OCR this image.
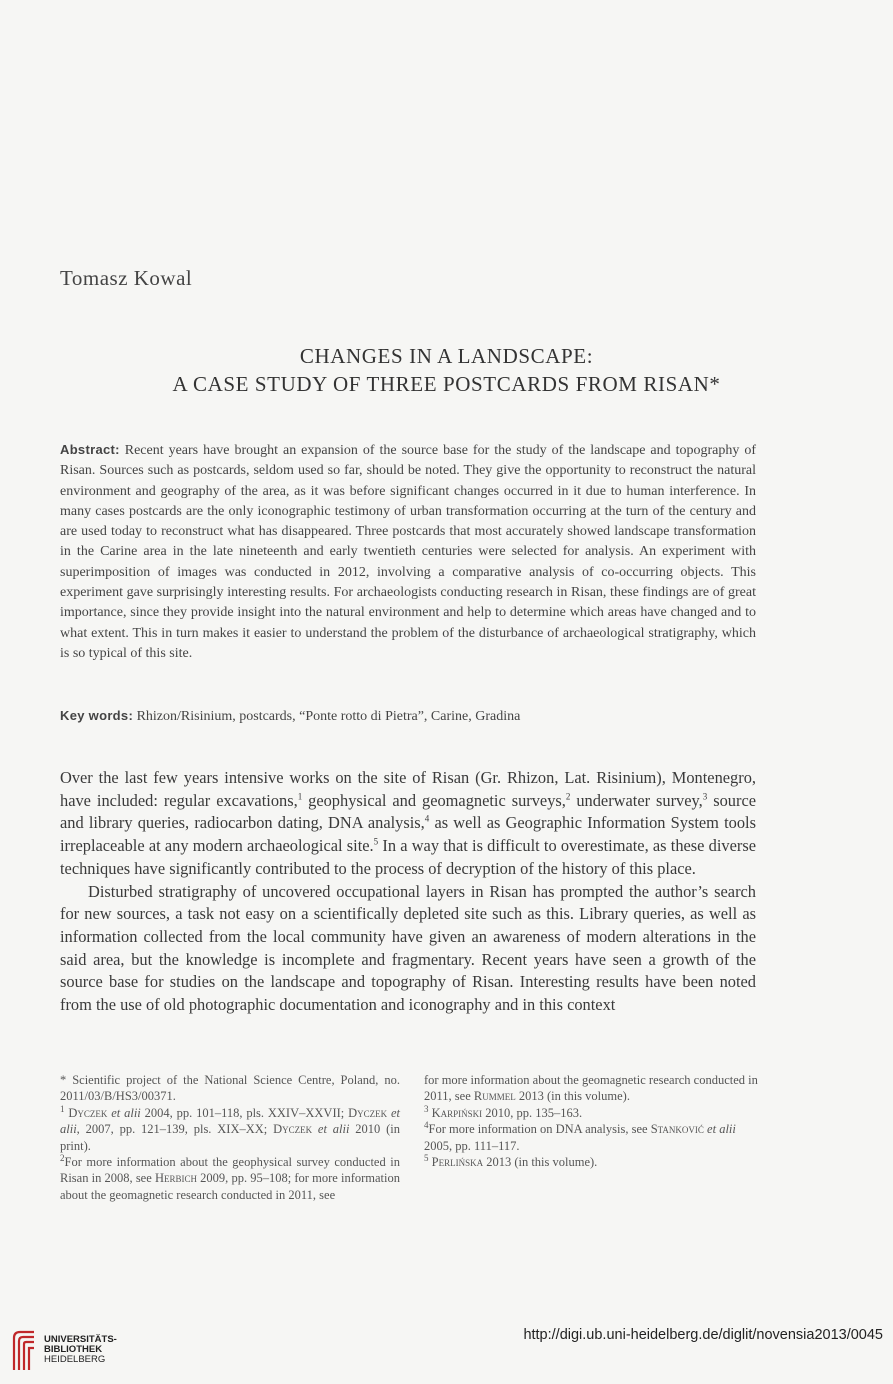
Tomasz Kowal
CHANGES IN A LANDSCAPE:
A CASE STUDY OF THREE POSTCARDS FROM RISAN*
Abstract: Recent years have brought an expansion of the source base for the study of the landscape and topography of Risan. Sources such as postcards, seldom used so far, should be noted. They give the opportunity to reconstruct the natural environment and geography of the area, as it was before significant changes occurred in it due to human interference. In many cases postcards are the only iconographic testimony of urban transformation occurring at the turn of the century and are used today to reconstruct what has disappeared. Three postcards that most accurately showed landscape transformation in the Carine area in the late nineteenth and early twentieth centuries were selected for analysis. An experiment with superimposition of images was conducted in 2012, involving a comparative analysis of co-occurring objects. This experiment gave surprisingly interesting results. For archaeologists conducting research in Risan, these findings are of great importance, since they provide insight into the natural environment and help to determine which areas have changed and to what extent. This in turn makes it easier to understand the problem of the disturbance of archaeological stratigraphy, which is so typical of this site.
Key words: Rhizon/Risinium, postcards, “Ponte rotto di Pietra”, Carine, Gradina

Over the last few years intensive works on the site of Risan (Gr. Rhizon, Lat. Risinium), Montenegro, have included: regular excavations,$^1$ geophysical and geomagnetic surveys,$^2$ underwater survey,$^3$ source and library queries, radiocarbon dating, DNA analysis,$^4$ as well as Geographic Information System tools irreplaceable at any modern archaeological site.$^5$ In a way that is difficult to overestimate, as these diverse techniques have significantly contributed to the process of decryption of the history of this place.

Disturbed stratigraphy of uncovered occupational layers in Risan has prompted the author’s search for new sources, a task not easy on a scientifically depleted site such as this. Library queries, as well as information collected from the local community have given an awareness of modern alterations in the said area, but the knowledge is incomplete and fragmentary. Recent years have seen a growth of the source base for studies on the landscape and topography of Risan. Interesting results have been noted from the use of old photographic documentation and iconography and in this context

* Scientific project of the National Science Centre, Poland, no. 2011/03/B/HS3/00371.

$^1$ Dyczek et alii 2004, pp. 101–118, pls. XXIV–XXVII; Dyczek et alii, 2007, pp. 121–139, pls. XIX–XX; Dyczek et alii 2010 (in print).

$^2$For more information about the geophysical survey conducted in Risan in 2008, see Herbich 2009, pp. 95–108; for more information about the geomagnetic research conducted in 2011, see

for more information about the geomagnetic research conducted in 2011, see Rummel 2013 (in this volume).

$^3$ Karpiński 2010, pp. 135–163.

$^4$For more information on DNA analysis, see Stanković et alii 2005, pp. 111–117.

$^5$ Perlińska 2013 (in this volume).

UNIVERSITÄTS-
BIBLIOTHEK
HEIDELBERG
http://digi.ub.uni-heidelberg.de/diglit/novensia2013/0045
